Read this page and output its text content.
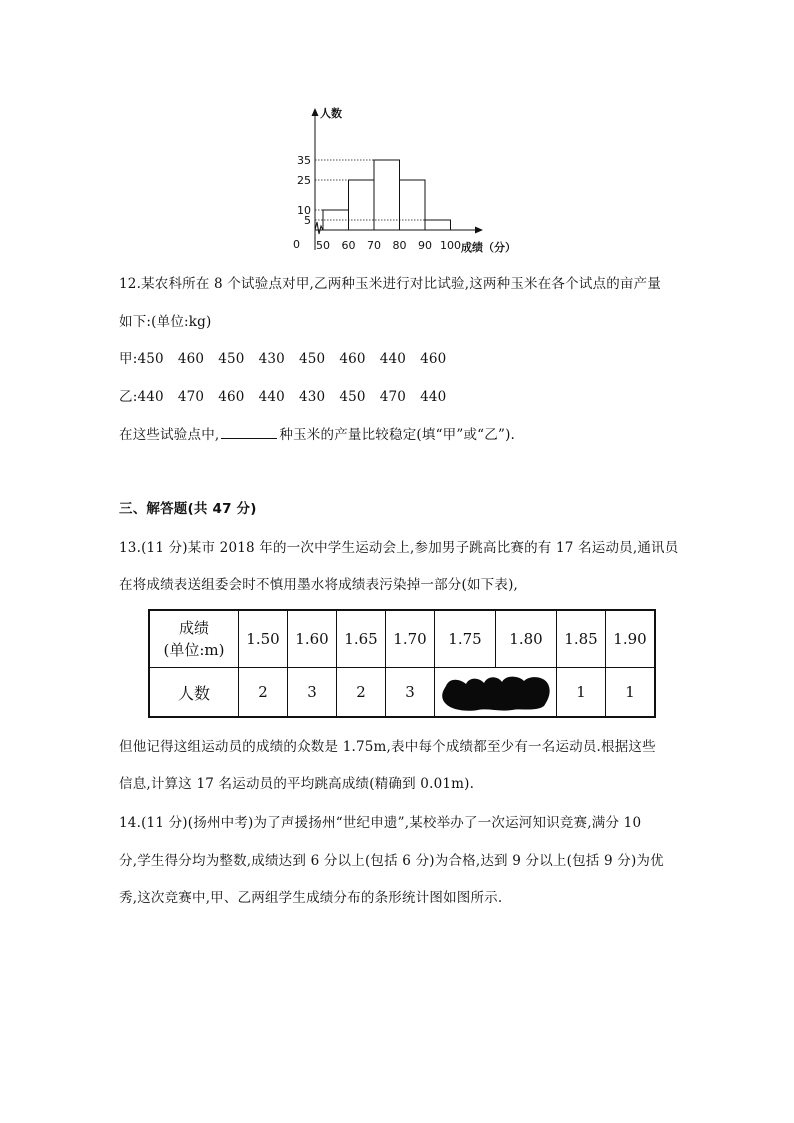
人数
成绩（分）
0
35
25
10
5
50 60 70 80 90 100
12.某农科所在 8 个试验点对甲,乙两种玉米进行对比试验,这两种玉米在各个试点的亩产量
如下:(单位:kg)
甲:450 460 450 430 450 460 440 460
乙:440 470 460 440 430 450 470 440
在这些试验点中,	种玉米的产量比较稳定(填“甲”或“乙”).
三、解答题(共 47 分)
13.(11 分)某市 2018 年的一次中学生运动会上,参加男子跳高比赛的有 17 名运动员,通讯员
在将成绩表送组委会时不慎用墨水将成绩表污染掉一部分(如下表),
成绩
(单位:m)	1.50	1.60	1.65	1.70	1.75	1.80	1.85	1.90
人数	2	3	2	3			1	1
但他记得这组运动员的成绩的众数是 1.75m,表中每个成绩都至少有一名运动员.根据这些
信息,计算这 17 名运动员的平均跳高成绩(精确到 0.01m).
14.(11 分)(扬州中考)为了声援扬州“世纪申遗”,某校举办了一次运河知识竞赛,满分 10
分,学生得分均为整数,成绩达到 6 分以上(包括 6 分)为合格,达到 9 分以上(包括 9 分)为优
秀,这次竞赛中,甲、乙两组学生成绩分布的条形统计图如图所示.
